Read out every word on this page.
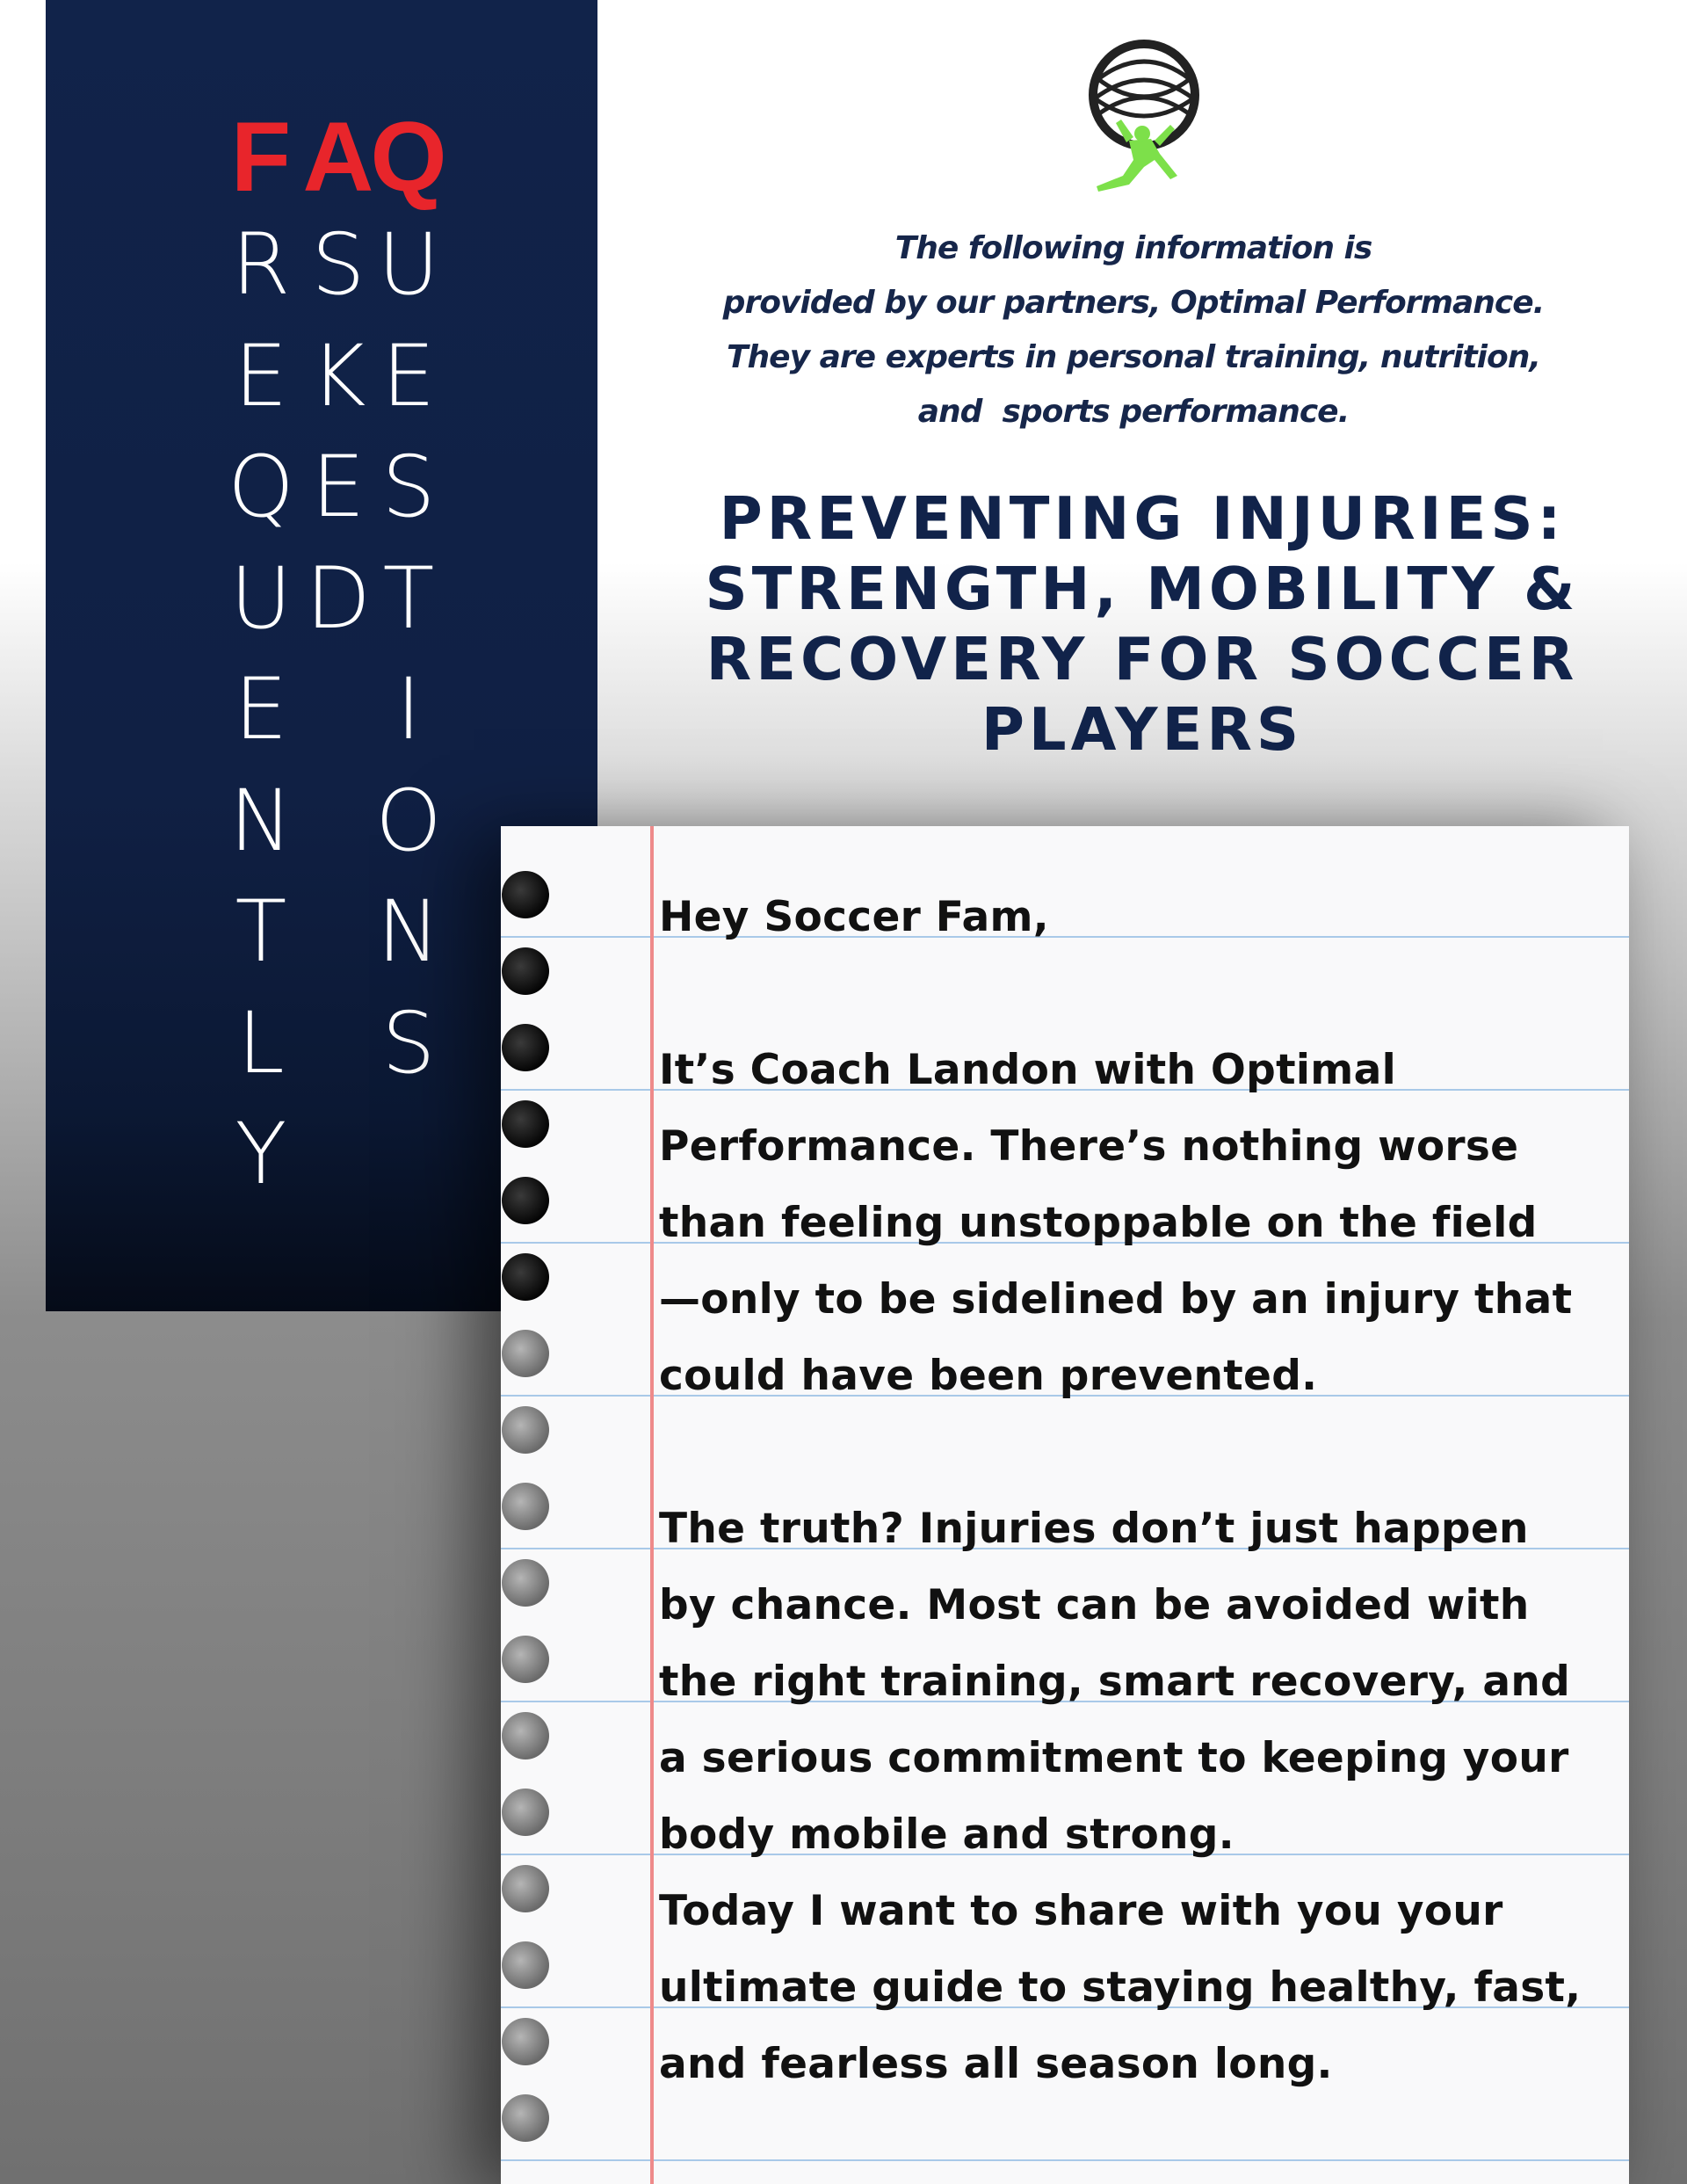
F
R
E
Q
U
E
N
T
L
Y
A
S
K
E
D
Q
U
E
S
T
I
O
N
S
The following information is
provided by our partners, Optimal Performance.
They are experts in personal training, nutrition,
and  sports performance.
PREVENTING INJURIES:
STRENGTH, MOBILITY &
RECOVERY FOR SOCCER
PLAYERS

Hey Soccer Fam,

It’s Coach Landon with Optimal

Performance. There’s nothing worse

than feeling unstoppable on the field

—only to be sidelined by an injury that

could have been prevented.

The truth? Injuries don’t just happen

by chance. Most can be avoided with

the right training, smart recovery, and

a serious commitment to keeping your

body mobile and strong.

Today I want to share with you your

ultimate guide to staying healthy, fast,

and fearless all season long.
